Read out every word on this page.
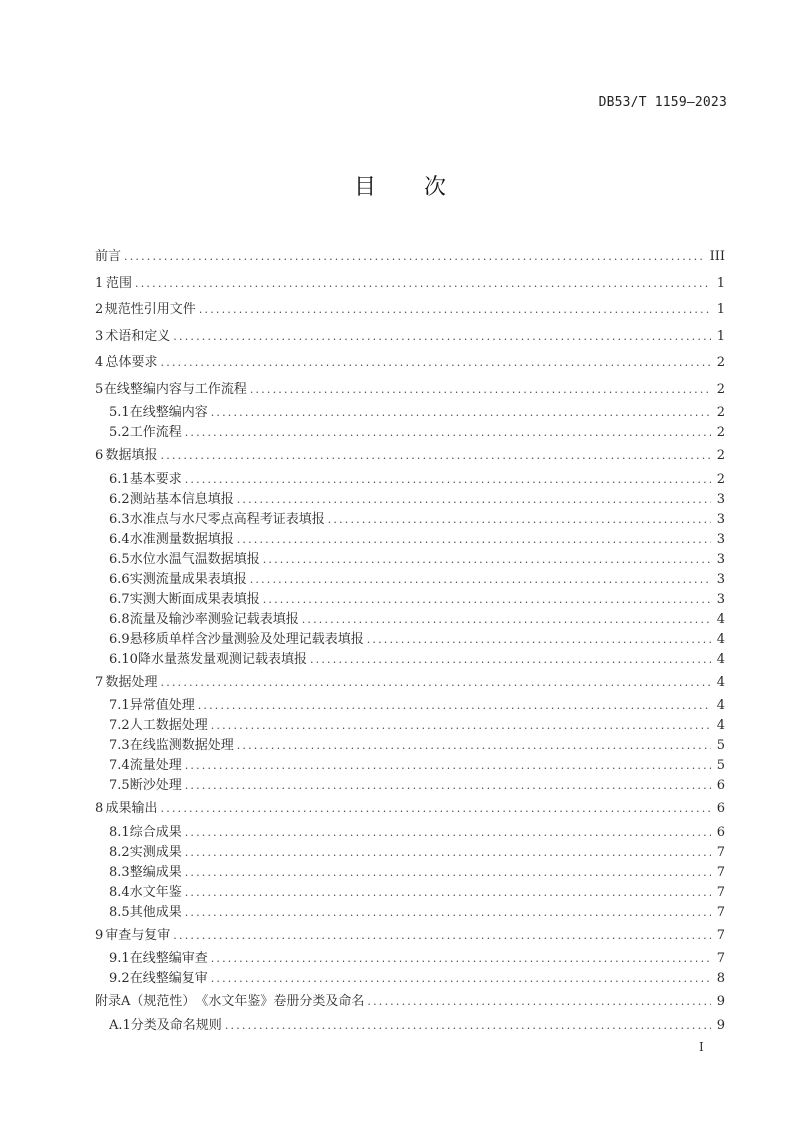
DB53/T 1159—2023
目 次
前言 .....	III
1 范围 .....	1
2 规范性引用文件 .....	1
3 术语和定义 .....	1
4 总体要求 .....	2
5 在线整编内容与工作流程 .....	2
5.1 在线整编内容 .....	2
5.2 工作流程 .....	2
6 数据填报 .....	2
6.1 基本要求 .....	2
6.2 测站基本信息填报 .....	3
6.3 水准点与水尺零点高程考证表填报 .....	3
6.4 水准测量数据填报 .....	3
6.5 水位水温气温数据填报 .....	3
6.6 实测流量成果表填报 .....	3
6.7 实测大断面成果表填报 .....	3
6.8 流量及输沙率测验记载表填报 .....	4
6.9 悬移质单样含沙量测验及处理记载表填报 .....	4
6.10 降水量蒸发量观测记载表填报 .....	4
7 数据处理 .....	4
7.1 异常值处理 .....	4
7.2 人工数据处理 .....	4
7.3 在线监测数据处理 .....	5
7.4 流量处理 .....	5
7.5 断沙处理 .....	6
8 成果输出 .....	6
8.1 综合成果 .....	6
8.2 实测成果 .....	7
8.3 整编成果 .....	7
8.4 水文年鉴 .....	7
8.5 其他成果 .....	7
9 审查与复审 .....	7
9.1 在线整编审查 .....	7
9.2 在线整编复审 .....	8
附录A（规范性）　《水文年鉴》卷册分类及命名 .....	9
A.1 分类及命名规则 .....	9
I
